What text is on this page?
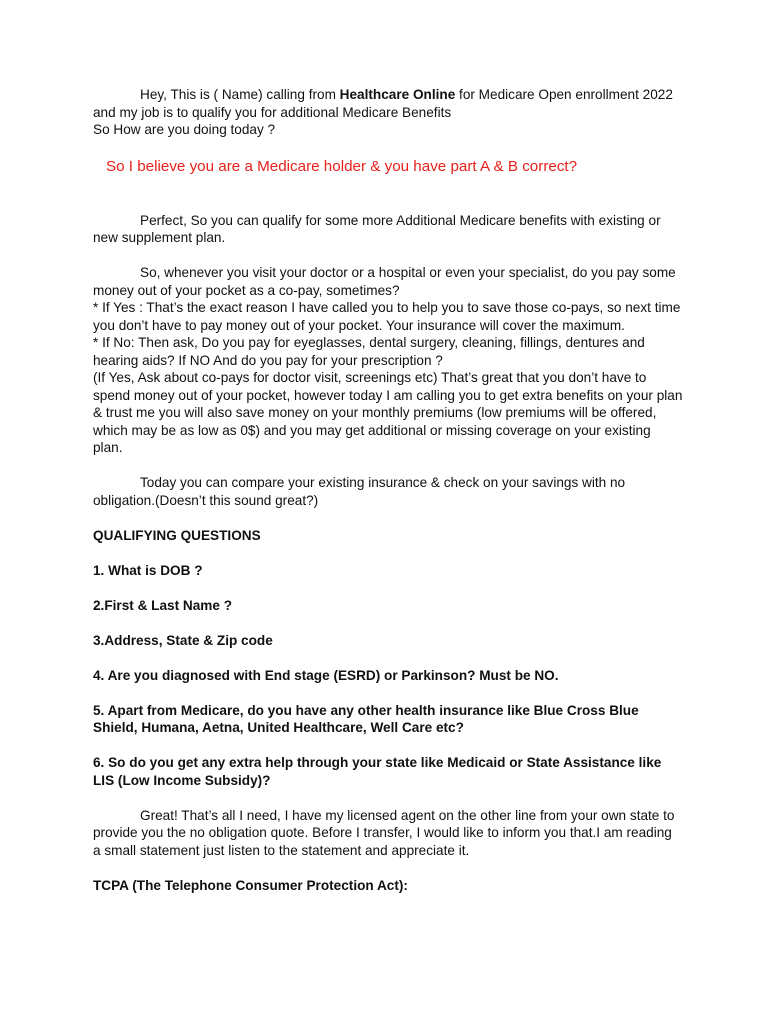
Hey, This is ( Name) calling from Healthcare Online for Medicare Open enrollment 2022 and my job is to qualify you for additional Medicare Benefits

So How are you doing today ?

So I believe you are a Medicare holder & you have part A & B correct?

Perfect, So you can qualify for some more Additional Medicare benefits with existing or new supplement plan.

So, whenever you visit your doctor or a hospital or even your specialist, do you pay some money out of your pocket as a co-pay, sometimes?

* If Yes : That’s the exact reason I have called you to help you to save those co-pays, so next time you don’t have to pay money out of your pocket. Your insurance will cover the maximum.

* If No: Then ask, Do you pay for eyeglasses, dental surgery, cleaning, fillings, dentures and hearing aids? If NO And do you pay for your prescription ?

(If Yes, Ask about co-pays for doctor visit, screenings etc) That’s great that you don’t have to spend money out of your pocket, however today I am calling you to get extra benefits on your plan & trust me you will also save money on your monthly premiums (low premiums will be offered, which may be as low as 0$) and you may get additional or missing coverage on your existing plan.

Today you can compare your existing insurance & check on your savings with no obligation.(Doesn’t this sound great?)

QUALIFYING QUESTIONS

1. What is DOB ?

2.First & Last Name ?

3.Address, State & Zip code

4. Are you diagnosed with End stage (ESRD) or Parkinson? Must be NO.

5. Apart from Medicare, do you have any other health insurance like Blue Cross Blue Shield, Humana, Aetna, United Healthcare, Well Care etc?

6. So do you get any extra help through your state like Medicaid or State Assistance like LIS (Low Income Subsidy)?

Great! That’s all I need, I have my licensed agent on the other line from your own state to provide you the no obligation quote. Before I transfer, I would like to inform you that.I am reading a small statement just listen to the statement and appreciate it.

TCPA (The Telephone Consumer Protection Act):
